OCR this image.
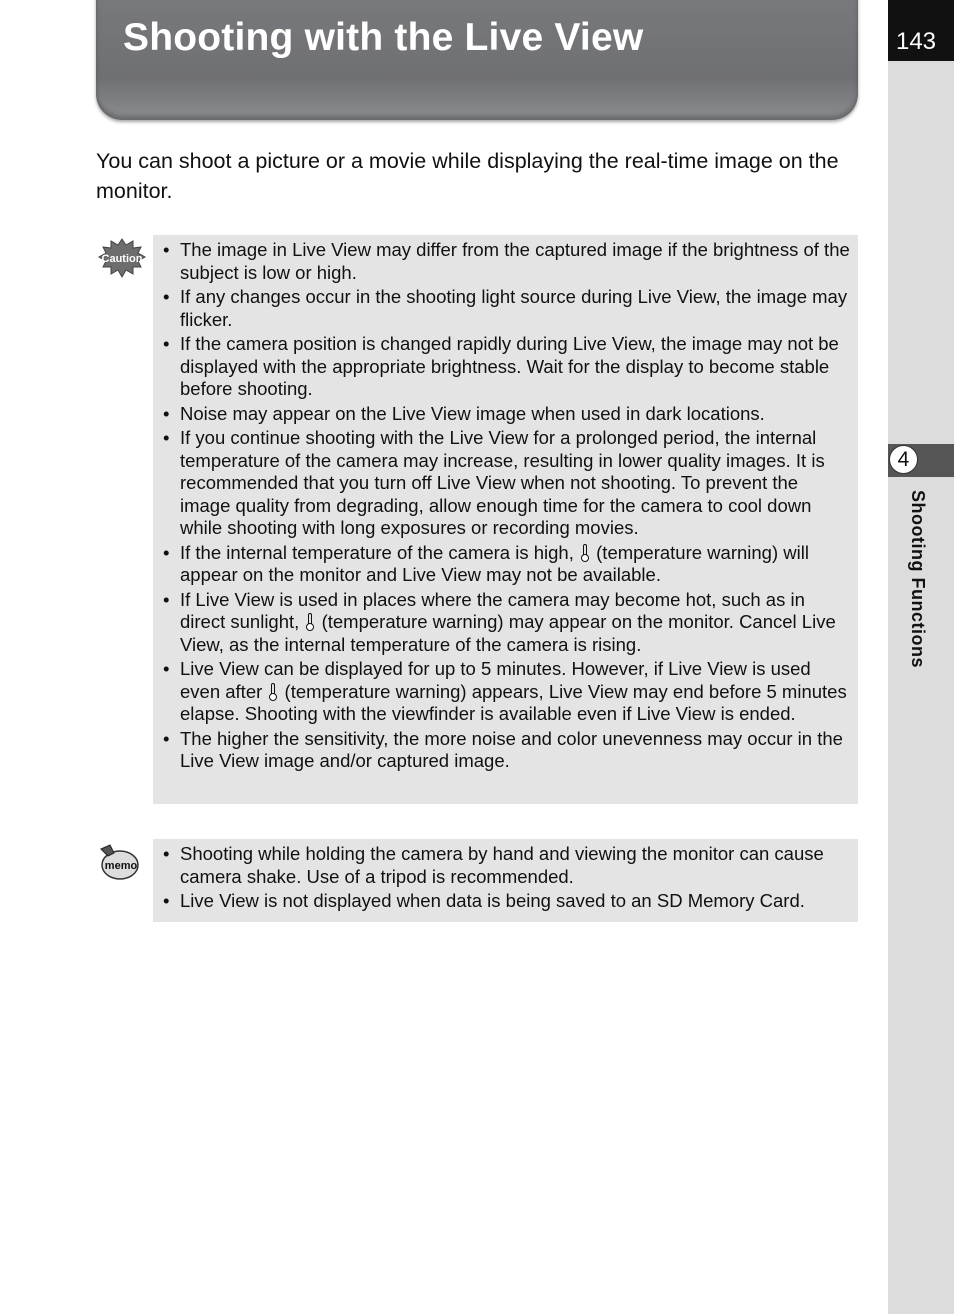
Shooting with the Live View	143
4
Shooting Functions
You can shoot a picture or a movie while displaying the real-time image on the monitor.
Caution
•	The image in Live View may differ from the captured image if the brightness of the subject is low or high.
• If any changes occur in the shooting light source during Live View, the image may flicker.
• If the camera position is changed rapidly during Live View, the image may not be displayed with the appropriate brightness. Wait for the display to become stable before shooting.
• Noise may appear on the Live View image when used in dark locations.
• If you continue shooting with the Live View for a prolonged period, the internal temperature of the camera may increase, resulting in lower quality images. It is recommended that you turn off Live View when not shooting. To prevent the image quality from degrading, allow enough time for the camera to cool down while shooting with long exposures or recording movies.
• If the internal temperature of the camera is high,
(temperature warning) will appear on the monitor and Live View may not be available.
• If Live View is used in places where the camera may become hot, such as in direct sunlight,
(temperature warning) may appear on the monitor. Cancel Live View, as the internal temperature of the camera is rising.
• Live View can be displayed for up to 5 minutes. However, if Live View is used even after
(temperature warning) appears, Live View may end before 5 minutes elapse. Shooting with the viewfinder is available even if Live View is ended.
• The higher the sensitivity, the more noise and color unevenness may occur in the Live View image and/or captured image.
memo
• Shooting while holding the camera by hand and viewing the monitor can cause camera shake. Use of a tripod is recommended.
• Live View is not displayed when data is being saved to an SD Memory Card.
